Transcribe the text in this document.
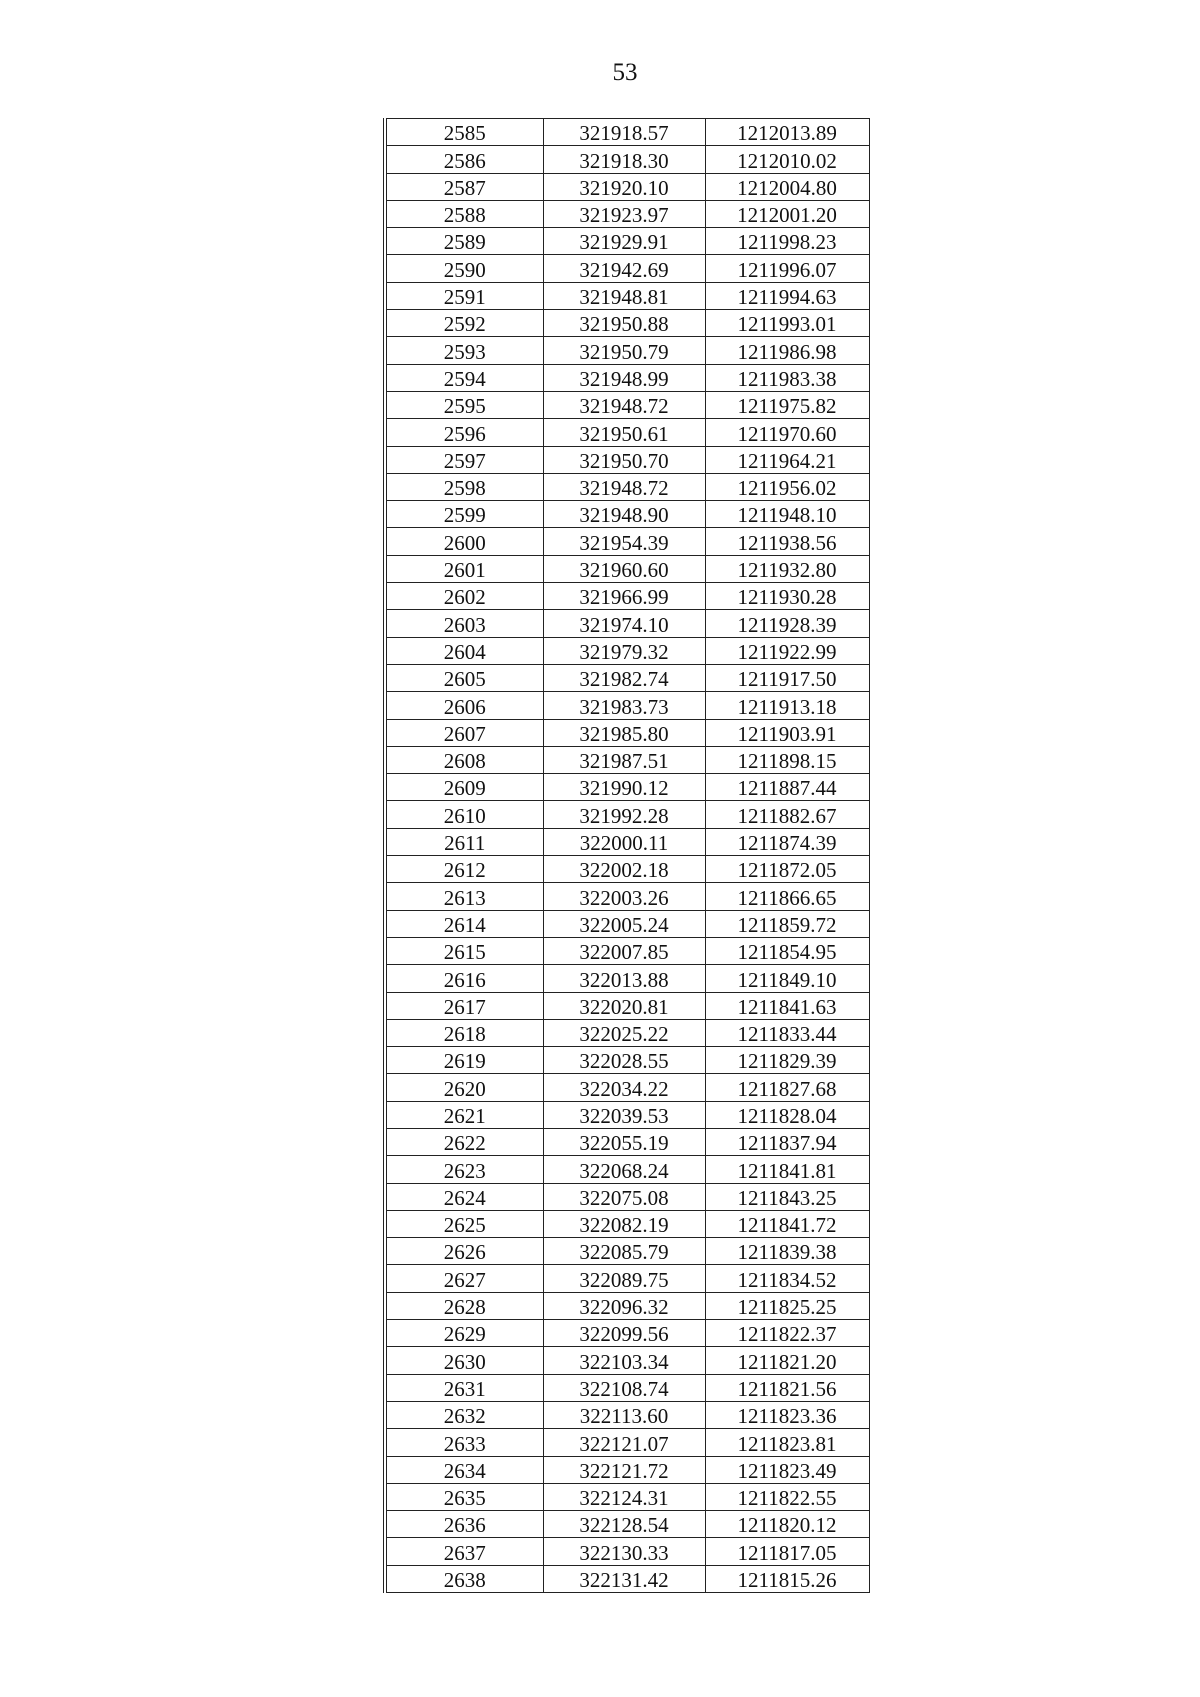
53
2585	321918.57	1212013.89
2586	321918.30	1212010.02
2587	321920.10	1212004.80
2588	321923.97	1212001.20
2589	321929.91	1211998.23
2590	321942.69	1211996.07
2591	321948.81	1211994.63
2592	321950.88	1211993.01
2593	321950.79	1211986.98
2594	321948.99	1211983.38
2595	321948.72	1211975.82
2596	321950.61	1211970.60
2597	321950.70	1211964.21
2598	321948.72	1211956.02
2599	321948.90	1211948.10
2600	321954.39	1211938.56
2601	321960.60	1211932.80
2602	321966.99	1211930.28
2603	321974.10	1211928.39
2604	321979.32	1211922.99
2605	321982.74	1211917.50
2606	321983.73	1211913.18
2607	321985.80	1211903.91
2608	321987.51	1211898.15
2609	321990.12	1211887.44
2610	321992.28	1211882.67
2611	322000.11	1211874.39
2612	322002.18	1211872.05
2613	322003.26	1211866.65
2614	322005.24	1211859.72
2615	322007.85	1211854.95
2616	322013.88	1211849.10
2617	322020.81	1211841.63
2618	322025.22	1211833.44
2619	322028.55	1211829.39
2620	322034.22	1211827.68
2621	322039.53	1211828.04
2622	322055.19	1211837.94
2623	322068.24	1211841.81
2624	322075.08	1211843.25
2625	322082.19	1211841.72
2626	322085.79	1211839.38
2627	322089.75	1211834.52
2628	322096.32	1211825.25
2629	322099.56	1211822.37
2630	322103.34	1211821.20
2631	322108.74	1211821.56
2632	322113.60	1211823.36
2633	322121.07	1211823.81
2634	322121.72	1211823.49
2635	322124.31	1211822.55
2636	322128.54	1211820.12
2637	322130.33	1211817.05
2638	322131.42	1211815.26
